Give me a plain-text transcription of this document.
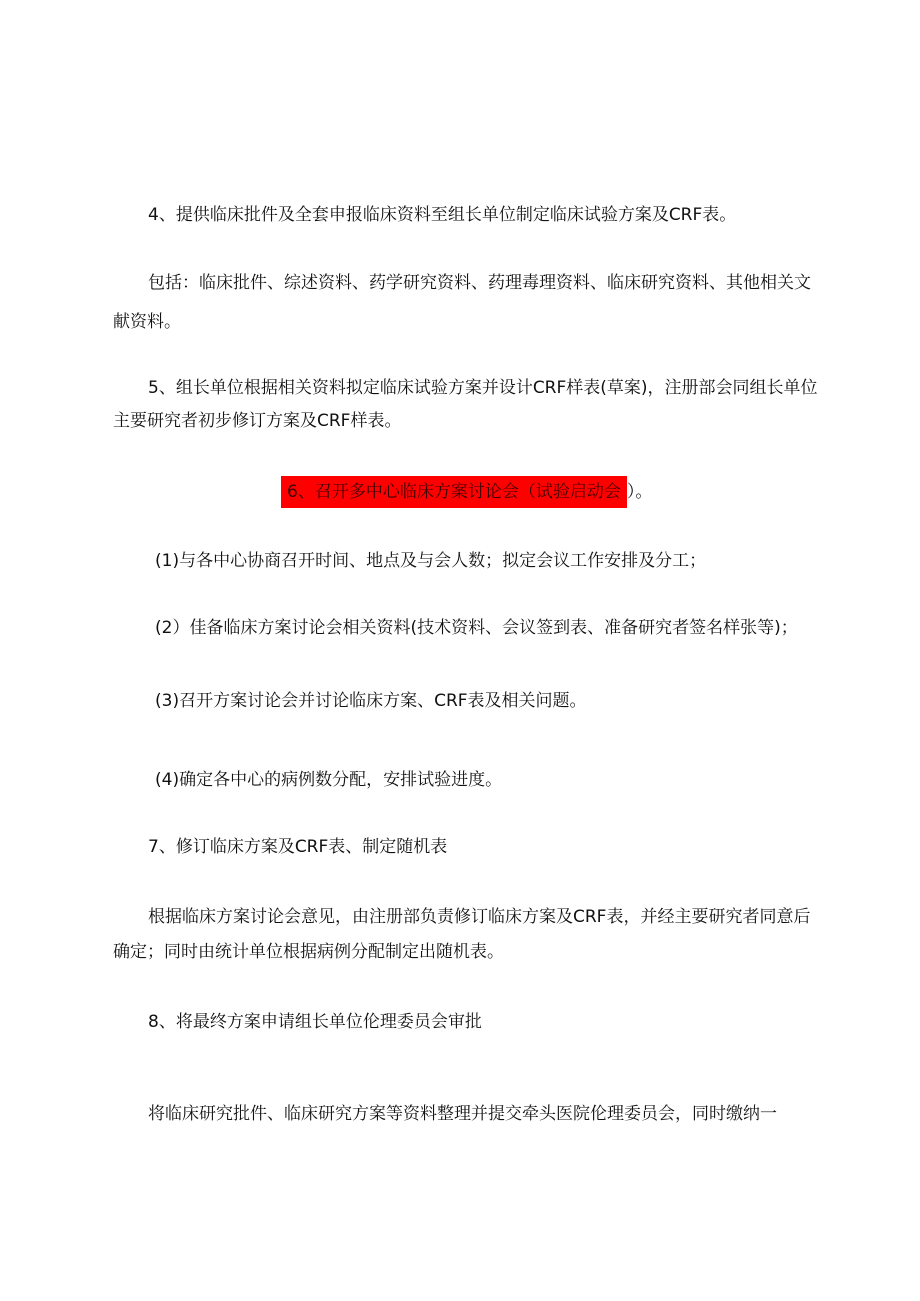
4、提供临床批件及全套申报临床资料至组长单位制定临床试验方案及CRF表。
包括：临床批件、综述资料、药学研究资料、药理毒理资料、临床研究资料、其他相关文
献资料。
5、组长单位根据相关资料拟定临床试验方案并设计CRF样表(草案)，注册部会同组长单位
主要研究者初步修订方案及CRF样表。
6、召开多中心临床方案讨论会（试验启动会 ）。
(1)与各中心协商召开时间、地点及与会人数；拟定会议工作安排及分工；
(2）佳备临床方案讨论会相关资料(技术资料、会议签到表、准备研究者签名样张等)；
(3)召开方案讨论会并讨论临床方案、CRF表及相关问题。
(4)确定各中心的病例数分配，安排试验进度。
7、修订临床方案及CRF表、制定随机表
根据临床方案讨论会意见，由注册部负责修订临床方案及CRF表，并经主要研究者同意后
确定；同时由统计单位根据病例分配制定出随机表。
8、将最终方案申请组长单位伦理委员会审批
将临床研究批件、临床研究方案等资料整理并提交牵头医院伦理委员会，同时缴纳一
